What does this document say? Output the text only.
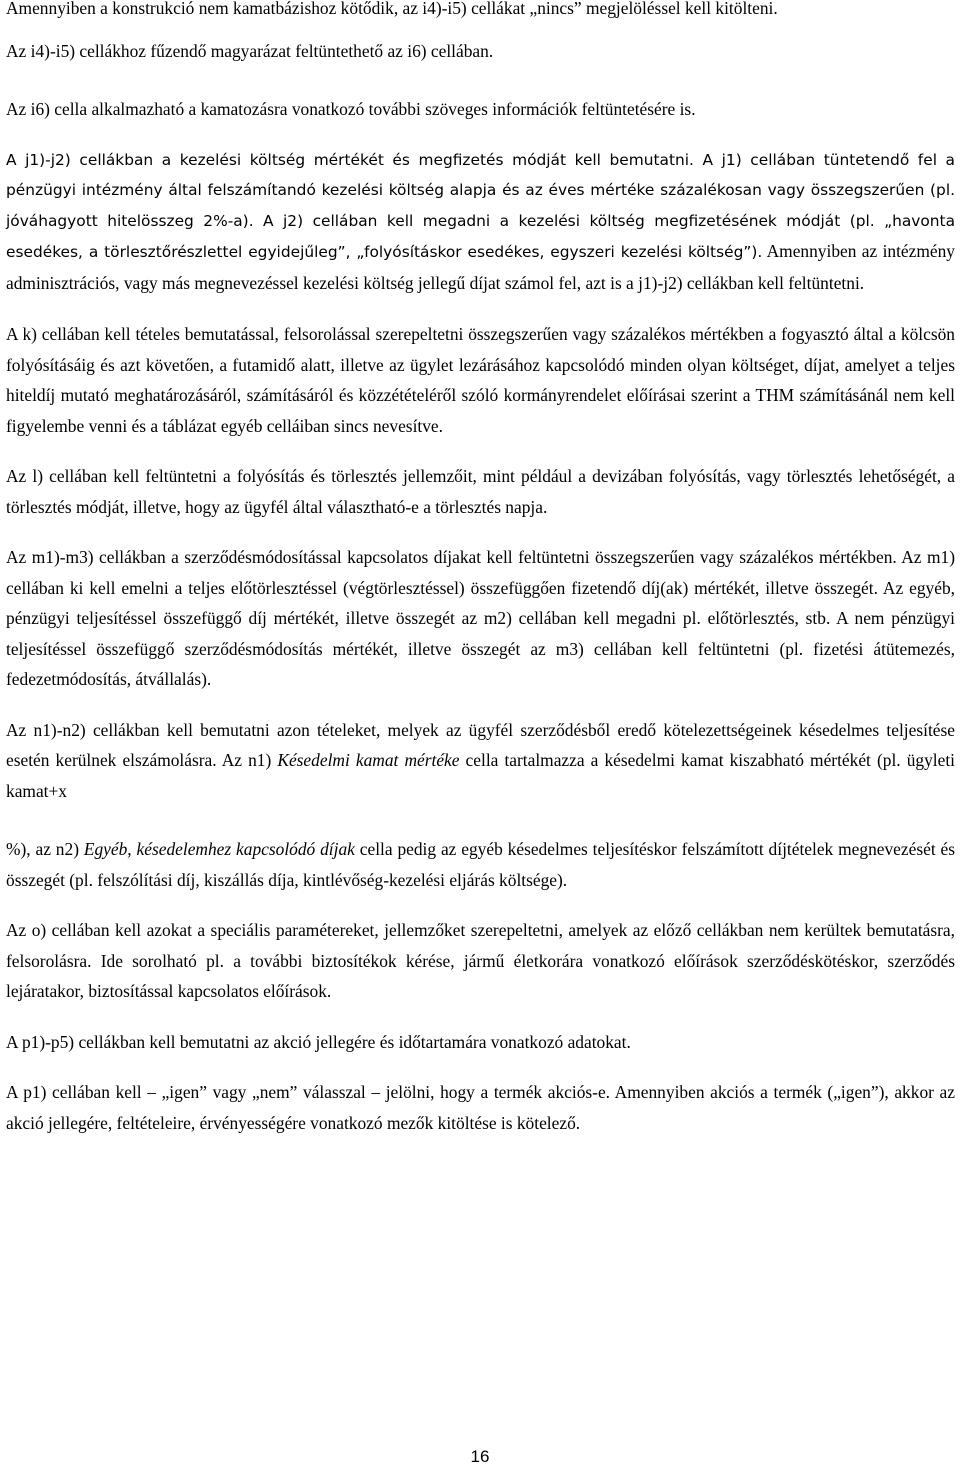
Amennyiben a konstrukció nem kamatbázishoz kötődik, az i4)-i5) cellákat „nincs” megjelöléssel kell kitölteni.

Az i4)-i5) cellákhoz fűzendő magyarázat feltüntethető az i6) cellában.

Az i6) cella alkalmazható a kamatozásra vonatkozó további szöveges információk feltüntetésére is.

A j1)-j2) cellákban a kezelési költség mértékét és megfizetés módját kell bemutatni. A j1) cellában tüntetendő fel a pénzügyi intézmény által felszámítandó kezelési költség alapja és az éves mértéke százalékosan vagy összegszerűen (pl. jóváhagyott hitelösszeg 2%-a). A j2) cellában kell megadni a kezelési költség megfizetésének módját (pl. „havonta esedékes, a törlesztőrészlettel egyidejűleg”, „folyósításkor esedékes, egyszeri kezelési költség”). Amennyiben az intézmény adminisztrációs, vagy más megnevezéssel kezelési költség jellegű díjat számol fel, azt is a j1)-j2) cellákban kell feltüntetni.

A k) cellában kell tételes bemutatással, felsorolással szerepeltetni összegszerűen vagy százalékos mértékben a fogyasztó által a kölcsön folyósításáig és azt követően, a futamidő alatt, illetve az ügylet lezárásához kapcsolódó minden olyan költséget, díjat, amelyet a teljes hiteldíj mutató meghatározásáról, számításáról és közzétételéről szóló kormányrendelet előírásai szerint a THM számításánál nem kell figyelembe venni és a táblázat egyéb celláiban sincs nevesítve.

Az l) cellában kell feltüntetni a folyósítás és törlesztés jellemzőit, mint például a devizában folyósítás, vagy törlesztés lehetőségét, a törlesztés módját, illetve, hogy az ügyfél által választható-e a törlesztés napja.

Az m1)-m3) cellákban a szerződésmódosítással kapcsolatos díjakat kell feltüntetni összegszerűen vagy százalékos mértékben. Az m1) cellában ki kell emelni a teljes előtörlesztéssel (végtörlesztéssel) összefüggően fizetendő díj(ak) mértékét, illetve összegét. Az egyéb, pénzügyi teljesítéssel összefüggő díj mértékét, illetve összegét az m2) cellában kell megadni pl. előtörlesztés, stb. A nem pénzügyi teljesítéssel összefüggő szerződésmódosítás mértékét, illetve összegét az m3) cellában kell feltüntetni (pl. fizetési átütemezés, fedezetmódosítás, átvállalás).

Az n1)-n2) cellákban kell bemutatni azon tételeket, melyek az ügyfél szerződésből eredő kötelezettségeinek késedelmes teljesítése esetén kerülnek elszámolásra. Az n1) Késedelmi kamat mértéke cella tartalmazza a késedelmi kamat kiszabható mértékét (pl. ügyleti kamat+x

%), az n2) Egyéb, késedelemhez kapcsolódó díjak cella pedig az egyéb késedelmes teljesítéskor felszámított díjtételek megnevezését és összegét (pl. felszólítási díj, kiszállás díja, kintlévőség-kezelési eljárás költsége).

Az o) cellában kell azokat a speciális paramétereket, jellemzőket szerepeltetni, amelyek az előző cellákban nem kerültek bemutatásra, felsorolásra. Ide sorolható pl. a további biztosítékok kérése, jármű életkorára vonatkozó előírások szerződéskötéskor, szerződés lejáratakor, biztosítással kapcsolatos előírások.

A p1)-p5) cellákban kell bemutatni az akció jellegére és időtartamára vonatkozó adatokat.

A p1) cellában kell – „igen” vagy „nem” válasszal – jelölni, hogy a termék akciós-e. Amennyiben akciós a termék („igen”), akkor az akció jellegére, feltételeire, érvényességére vonatkozó mezők kitöltése is kötelező.

16
